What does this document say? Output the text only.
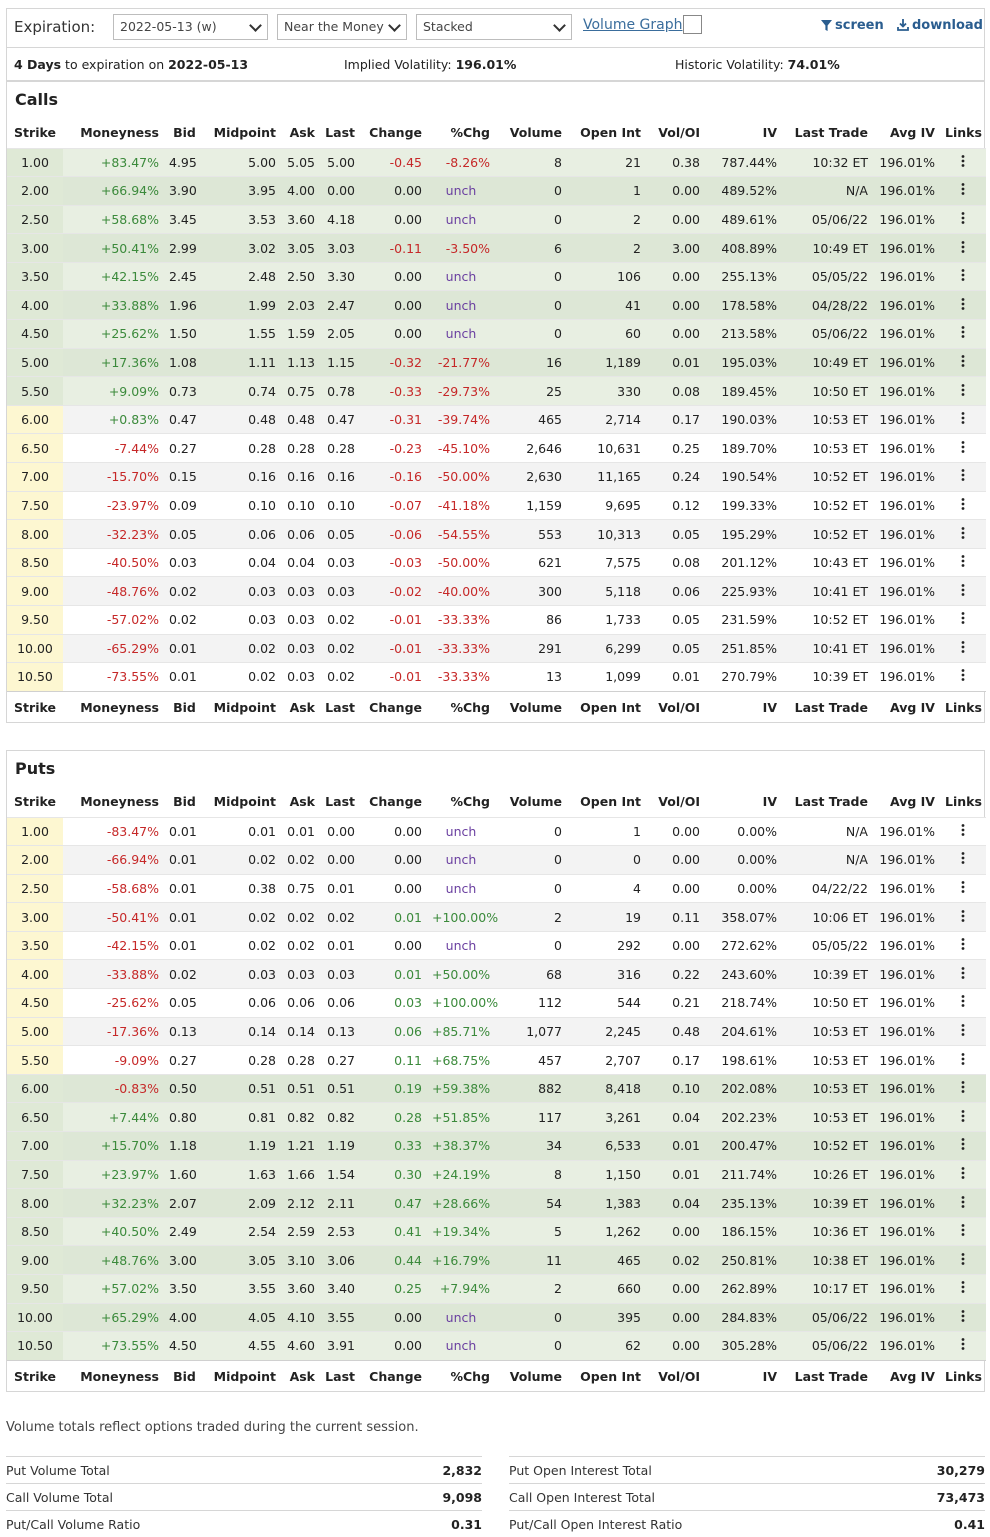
Expiration:	2022-05-13 (w)	Near the Money	Stacked	Volume Graph	screen	download
4 Days to expiration on 2022-05-13	Implied Volatility: 196.01%	Historic Volatility: 74.01%
Calls
Strike	Moneyness	Bid	Midpoint	Ask	Last	Change	%Chg	Volume	Open Int	Vol/OI	IV	Last Trade	Avg IV	Links
1.00	+83.47%	4.95	5.00	5.05	5.00	-0.45	-8.26%	8	21	0.38	787.44%	10:32 ET	196.01%	
2.00	+66.94%	3.90	3.95	4.00	0.00	0.00	unch	0	1	0.00	489.52%	N/A	196.01%	
2.50	+58.68%	3.45	3.53	3.60	4.18	0.00	unch	0	2	0.00	489.61%	05/06/22	196.01%	
3.00	+50.41%	2.99	3.02	3.05	3.03	-0.11	-3.50%	6	2	3.00	408.89%	10:49 ET	196.01%	
3.50	+42.15%	2.45	2.48	2.50	3.30	0.00	unch	0	106	0.00	255.13%	05/05/22	196.01%	
4.00	+33.88%	1.96	1.99	2.03	2.47	0.00	unch	0	41	0.00	178.58%	04/28/22	196.01%	
4.50	+25.62%	1.50	1.55	1.59	2.05	0.00	unch	0	60	0.00	213.58%	05/06/22	196.01%	
5.00	+17.36%	1.08	1.11	1.13	1.15	-0.32	-21.77%	16	1,189	0.01	195.03%	10:49 ET	196.01%	
5.50	+9.09%	0.73	0.74	0.75	0.78	-0.33	-29.73%	25	330	0.08	189.45%	10:50 ET	196.01%	
6.00	+0.83%	0.47	0.48	0.48	0.47	-0.31	-39.74%	465	2,714	0.17	190.03%	10:53 ET	196.01%	
6.50	-7.44%	0.27	0.28	0.28	0.28	-0.23	-45.10%	2,646	10,631	0.25	189.70%	10:53 ET	196.01%	
7.00	-15.70%	0.15	0.16	0.16	0.16	-0.16	-50.00%	2,630	11,165	0.24	190.54%	10:52 ET	196.01%	
7.50	-23.97%	0.09	0.10	0.10	0.10	-0.07	-41.18%	1,159	9,695	0.12	199.33%	10:52 ET	196.01%	
8.00	-32.23%	0.05	0.06	0.06	0.05	-0.06	-54.55%	553	10,313	0.05	195.29%	10:52 ET	196.01%	
8.50	-40.50%	0.03	0.04	0.04	0.03	-0.03	-50.00%	621	7,575	0.08	201.12%	10:43 ET	196.01%	
9.00	-48.76%	0.02	0.03	0.03	0.03	-0.02	-40.00%	300	5,118	0.06	225.93%	10:41 ET	196.01%	
9.50	-57.02%	0.02	0.03	0.03	0.02	-0.01	-33.33%	86	1,733	0.05	231.59%	10:52 ET	196.01%	
10.00	-65.29%	0.01	0.02	0.03	0.02	-0.01	-33.33%	291	6,299	0.05	251.85%	10:41 ET	196.01%	
10.50	-73.55%	0.01	0.02	0.03	0.02	-0.01	-33.33%	13	1,099	0.01	270.79%	10:39 ET	196.01%	
Strike	Moneyness	Bid	Midpoint	Ask	Last	Change	%Chg	Volume	Open Int	Vol/OI	IV	Last Trade	Avg IV	Links
Puts
Strike	Moneyness	Bid	Midpoint	Ask	Last	Change	%Chg	Volume	Open Int	Vol/OI	IV	Last Trade	Avg IV	Links
1.00	-83.47%	0.01	0.01	0.01	0.00	0.00	unch	0	1	0.00	0.00%	N/A	196.01%	
2.00	-66.94%	0.01	0.02	0.02	0.00	0.00	unch	0	0	0.00	0.00%	N/A	196.01%	
2.50	-58.68%	0.01	0.38	0.75	0.01	0.00	unch	0	4	0.00	0.00%	04/22/22	196.01%	
3.00	-50.41%	0.01	0.02	0.02	0.02	0.01	+100.00%	2	19	0.11	358.07%	10:06 ET	196.01%	
3.50	-42.15%	0.01	0.02	0.02	0.01	0.00	unch	0	292	0.00	272.62%	05/05/22	196.01%	
4.00	-33.88%	0.02	0.03	0.03	0.03	0.01	+50.00%	68	316	0.22	243.60%	10:39 ET	196.01%	
4.50	-25.62%	0.05	0.06	0.06	0.06	0.03	+100.00%	112	544	0.21	218.74%	10:50 ET	196.01%	
5.00	-17.36%	0.13	0.14	0.14	0.13	0.06	+85.71%	1,077	2,245	0.48	204.61%	10:53 ET	196.01%	
5.50	-9.09%	0.27	0.28	0.28	0.27	0.11	+68.75%	457	2,707	0.17	198.61%	10:53 ET	196.01%	
6.00	-0.83%	0.50	0.51	0.51	0.51	0.19	+59.38%	882	8,418	0.10	202.08%	10:53 ET	196.01%	
6.50	+7.44%	0.80	0.81	0.82	0.82	0.28	+51.85%	117	3,261	0.04	202.23%	10:53 ET	196.01%	
7.00	+15.70%	1.18	1.19	1.21	1.19	0.33	+38.37%	34	6,533	0.01	200.47%	10:52 ET	196.01%	
7.50	+23.97%	1.60	1.63	1.66	1.54	0.30	+24.19%	8	1,150	0.01	211.74%	10:26 ET	196.01%	
8.00	+32.23%	2.07	2.09	2.12	2.11	0.47	+28.66%	54	1,383	0.04	235.13%	10:39 ET	196.01%	
8.50	+40.50%	2.49	2.54	2.59	2.53	0.41	+19.34%	5	1,262	0.00	186.15%	10:36 ET	196.01%	
9.00	+48.76%	3.00	3.05	3.10	3.06	0.44	+16.79%	11	465	0.02	250.81%	10:38 ET	196.01%	
9.50	+57.02%	3.50	3.55	3.60	3.40	0.25	+7.94%	2	660	0.00	262.89%	10:17 ET	196.01%	
10.00	+65.29%	4.00	4.05	4.10	3.55	0.00	unch	0	395	0.00	284.83%	05/06/22	196.01%	
10.50	+73.55%	4.50	4.55	4.60	3.91	0.00	unch	0	62	0.00	305.28%	05/06/22	196.01%	
Strike	Moneyness	Bid	Midpoint	Ask	Last	Change	%Chg	Volume	Open Int	Vol/OI	IV	Last Trade	Avg IV	Links
Volume totals reflect options traded during the current session.
Put Volume Total	2,832
Call Volume Total	9,098
Put/Call Volume Ratio	0.31
Put Open Interest Total	30,279
Call Open Interest Total	73,473
Put/Call Open Interest Ratio	0.41
